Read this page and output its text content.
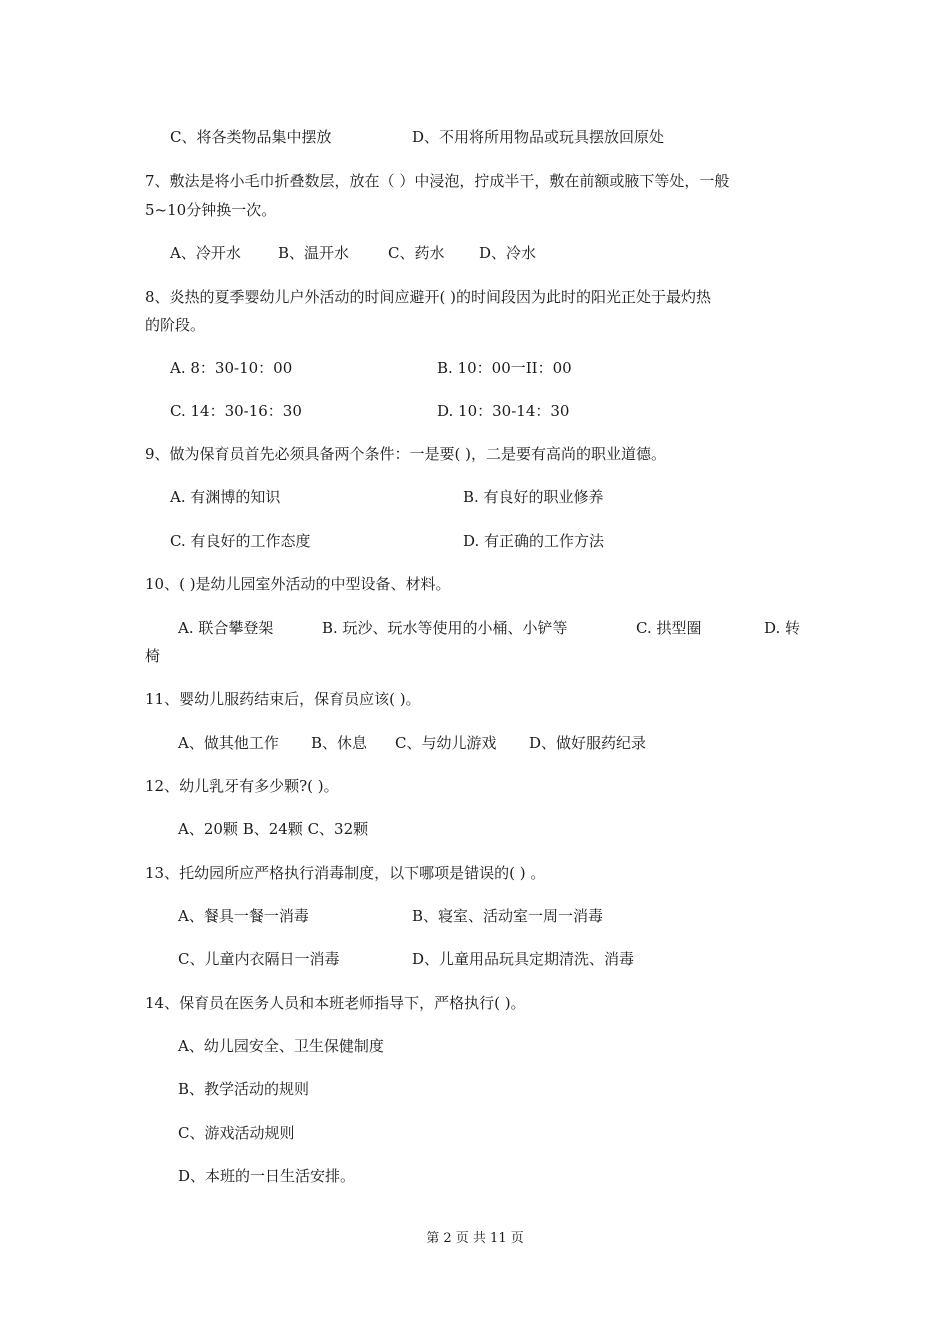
C、将各类物品集中摆放	D、不用将所用物品或玩具摆放回原处
7、敷法是将小毛巾折叠数层，放在（ ）中浸泡，拧成半干，敷在前额或腋下等处，一般
5~10分钟换一次。
A、冷开水 B、温开水	C、药水 D、冷水
8、炎热的夏季婴幼儿户外活动的时间应避开( )的时间段因为此时的阳光正处于最灼热
的阶段。
A. 8：30-10：00	B. 10：00一II：00
C. 14：30-16：30	D. 10：30-14：30
9、做为保育员首先必须具备两个条件：一是要( )，二是要有高尚的职业道德。
A. 有渊博的知识	B. 有良好的职业修养
C. 有良好的工作态度	D. 有正确的工作方法
10、( )是幼儿园室外活动的中型设备、材料。
A. 联合攀登架	B. 玩沙、玩水等使用的小桶、小铲等	C. 拱型圈	D. 转
椅
11、婴幼儿服药结束后，保育员应该( )。
A、做其他工作 B、休息 C、与幼儿游戏 D、做好服药纪录
12、幼儿乳牙有多少颗?( )。
A、20颗 B、24颗 C、32颗
13、托幼园所应严格执行消毒制度，以下哪项是错误的( ) 。
A、餐具一餐一消毒	B、寝室、活动室一周一消毒
C、儿童内衣隔日一消毒	D、儿童用品玩具定期清洗、消毒
14、保育员在医务人员和本班老师指导下，严格执行( )。
A、幼儿园安全、卫生保健制度
B、教学活动的规则
C、游戏活动规则
D、本班的一日生活安排。
第 2 页 共 11 页
